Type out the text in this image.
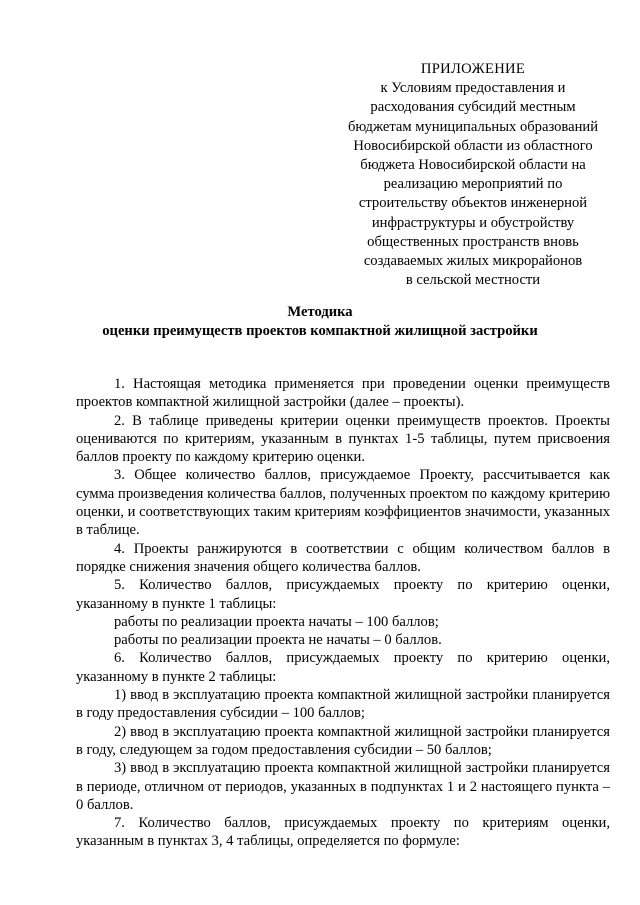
ПРИЛОЖЕНИЕ
к Условиям предоставления и
расходования субсидий местным
бюджетам муниципальных образований
Новосибирской области из областного
бюджета Новосибирской области на
реализацию мероприятий по
строительству объектов инженерной
инфраструктуры и обустройству
общественных пространств вновь
создаваемых жилых микрорайонов
в сельской местности
Методика
оценки преимуществ проектов компактной жилищной застройки

1. Настоящая методика применяется при проведении оценки преимуществ проектов компактной жилищной застройки (далее – проекты).

2. В таблице приведены критерии оценки преимуществ проектов. Проекты оцениваются по критериям, указанным в пунктах 1-5 таблицы, путем присвоения баллов проекту по каждому критерию оценки.

3. Общее количество баллов, присуждаемое Проекту, рассчитывается как сумма произведения количества баллов, полученных проектом по каждому критерию оценки, и соответствующих таким критериям коэффициентов значимости, указанных в таблице.

4. Проекты ранжируются в соответствии с общим количеством баллов в порядке снижения значения общего количества баллов.

5. Количество баллов, присуждаемых проекту по критерию оценки, указанному в пункте 1 таблицы:

работы по реализации проекта начаты – 100 баллов;

работы по реализации проекта не начаты – 0 баллов.

6. Количество баллов, присуждаемых проекту по критерию оценки, указанному в пункте 2 таблицы:

1) ввод в эксплуатацию проекта компактной жилищной застройки планируется в году предоставления субсидии – 100 баллов;

2) ввод в эксплуатацию проекта компактной жилищной застройки планируется в году, следующем за годом предоставления субсидии – 50 баллов;

3) ввод в эксплуатацию проекта компактной жилищной застройки планируется в периоде, отличном от периодов, указанных в подпунктах 1 и 2 настоящего пункта – 0 баллов.

7. Количество баллов, присуждаемых проекту по критериям оценки, указанным в пунктах 3, 4 таблицы, определяется по формуле:
